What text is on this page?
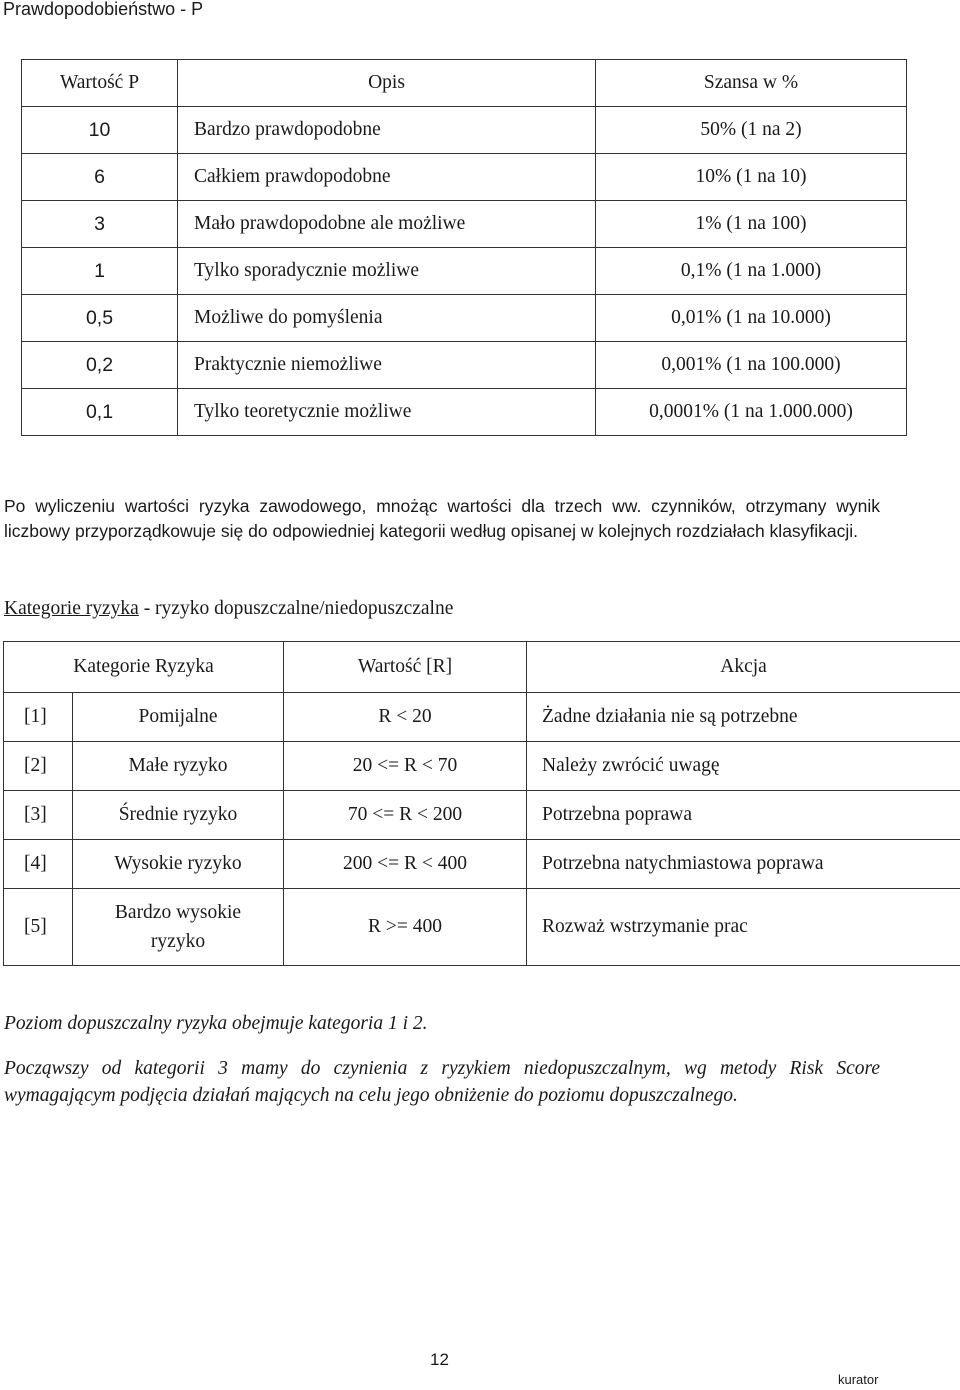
Prawdopodobieństwo - P
Wartość P	Opis	Szansa w %
10	Bardzo prawdopodobne	50% (1 na 2)
6	Całkiem prawdopodobne	10% (1 na 10)
3	Mało prawdopodobne ale możliwe	1% (1 na 100)
1	Tylko sporadycznie możliwe	0,1% (1 na 1.000)
0,5	Możliwe do pomyślenia	0,01% (1 na 10.000)
0,2	Praktycznie niemożliwe	0,001% (1 na 100.000)
0,1	Tylko teoretycznie możliwe	0,0001% (1 na 1.000.000)
Po wyliczeniu wartości ryzyka zawodowego, mnożąc wartości dla trzech ww. czynników, otrzymany wynik liczbowy przyporządkowuje się do odpowiedniej kategorii według opisanej w kolejnych rozdziałach klasyfikacji.
Kategorie ryzyka - ryzyko dopuszczalne/niedopuszczalne
Kategorie Ryzyka		Wartość [R]	Akcja
[1]	Pomijalne	R < 20	Żadne działania nie są potrzebne
[2]	Małe ryzyko	20 <= R < 70	Należy zwrócić uwagę
[3]	Średnie ryzyko	70 <= R < 200	Potrzebna poprawa
[4]	Wysokie ryzyko	200 <= R < 400	Potrzebna natychmiastowa poprawa
[5]	Bardzo wysokie ryzyko	R >= 400	Rozważ wstrzymanie prac
Poziom dopuszczalny ryzyka obejmuje kategoria 1 i 2.
Począwszy od kategorii 3 mamy do czynienia z ryzykiem niedopuszczalnym, wg metody Risk Score wymagającym podjęcia działań mających na celu jego obniżenie do poziomu dopuszczalnego.
12
kurator
